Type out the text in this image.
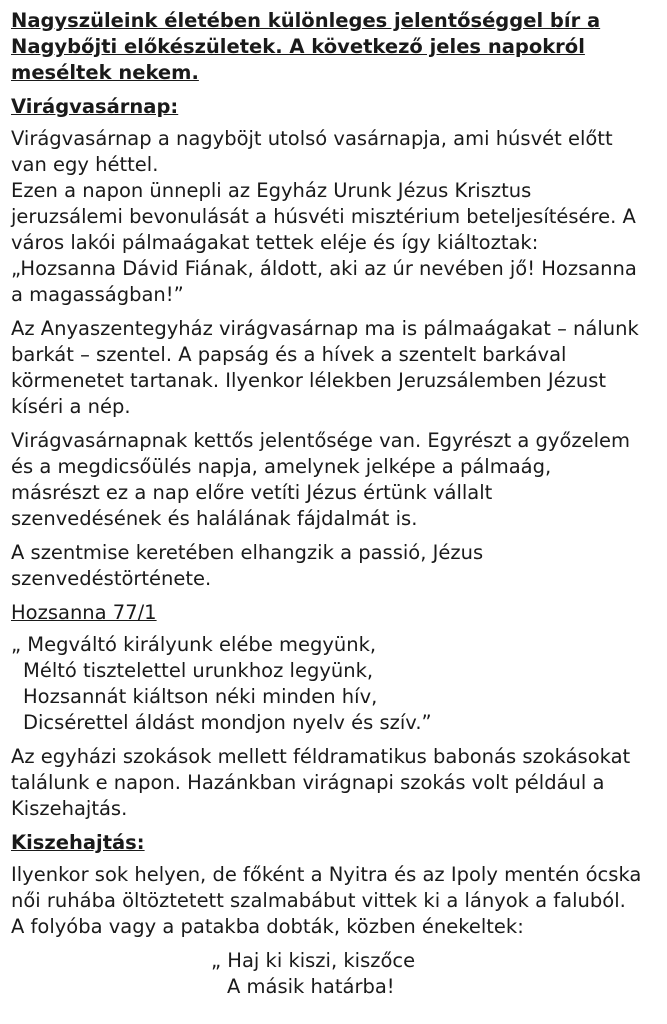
Nagyszüleink életében különleges jelentőséggel bír a
Nagybőjti előkészületek. A következő jeles napokról
meséltek nekem.
Virágvasárnap:
Virágvasárnap a nagyböjt utolsó vasárnapja, ami húsvét előtt
van egy héttel.
Ezen a napon ünnepli az Egyház Urunk Jézus Krisztus
jeruzsálemi bevonulását a húsvéti misztérium beteljesítésére. A
város lakói pálmaágakat tettek eléje és így kiáltoztak:
„Hozsanna Dávid Fiának, áldott, aki az úr nevében jő! Hozsanna
a magasságban!”
Az Anyaszentegyház virágvasárnap ma is pálmaágakat – nálunk
barkát – szentel. A papság és a hívek a szentelt barkával
körmenetet tartanak. Ilyenkor lélekben Jeruzsálemben Jézust
kíséri a nép.
Virágvasárnapnak kettős jelentősége van. Egyrészt a győzelem
és a megdicsőülés napja, amelynek jelképe a pálmaág,
másrészt ez a nap előre vetíti Jézus értünk vállalt
szenvedésének és halálának fájdalmát is.
A szentmise keretében elhangzik a passió, Jézus
szenvedéstörténete.
Hozsanna 77/1
„ Megváltó királyunk elébe megyünk,
Méltó tisztelettel urunkhoz legyünk,
Hozsannát kiáltson néki minden hív,
Dicsérettel áldást mondjon nyelv és szív.”
Az egyházi szokások mellett féldramatikus babonás szokásokat
találunk e napon. Hazánkban virágnapi szokás volt például a
Kiszehajtás.
Kiszehajtás:
Ilyenkor sok helyen, de főként a Nyitra és az Ipoly mentén ócska
női ruhába öltöztetett szalmabábut vittek ki a lányok a faluból.
A folyóba vagy a patakba dobták, közben énekeltek:
„ Haj ki kiszi, kiszőce
A másik határba!
